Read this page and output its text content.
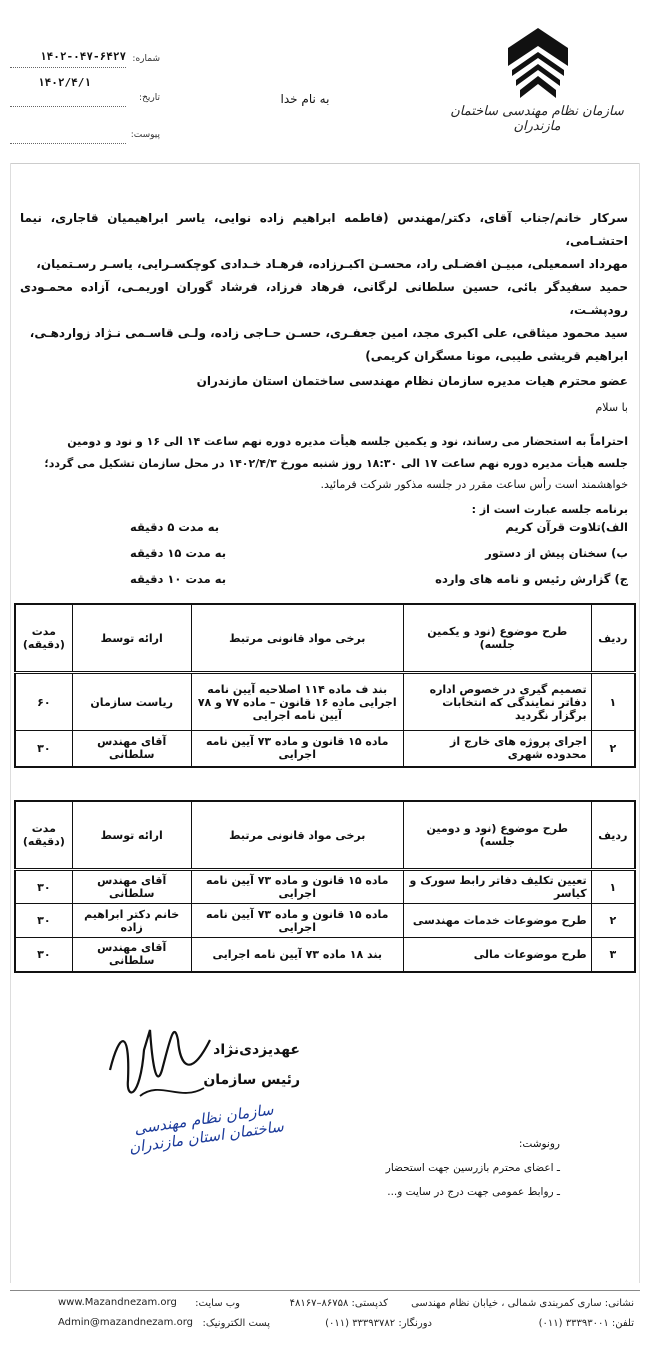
سازمان نظام مهندسی ساختمان مازندران
به نام خدا
شماره:
۱۴۰۲-۰۴۷-۶۴۲۷
تاریخ:
۱۴۰۲/۴/۱
پیوست:
سرکار خانم/جناب آقای، دکتر/مهندس (فاطمه ابراهیم زاده نوایی، یاسر ابراهیمیان قاجاری، نیما احتشـامی،
مهرداد اسمعیلی، مبیـن افضـلی راد، محسـن اکبـرزاده، فرهـاد خـدادی کوچکسـرایی، یاسـر رسـتمیان،
حمید سفیدگر بائی، حسین سلطانی لرگانی، فرهاد فرزاد، فرشاد گوران اوریمـی، آزاده محمـودی رودپشـت،
سید محمود میثاقی، علی اکبری مجد، امین جعفـری، حسـن حـاجی زاده، ولـی قاسـمی نـژاد زواردهـی،
ابراهیم قریشی طیبی، مونا مسگران کریمی)
عضو محترم هیات مدیره سازمان نظام مهندسی ساختمان استان مازندران
با سلام
احتراماً به استحضار می رساند، نود و یکمین جلسه هیأت مدیره دوره نهم ساعت ۱۴ الی ۱۶ و نود و دومین
جلسه هیأت مدیره دوره نهم ساعت ۱۷ الی ۱۸:۳۰ روز شنبه مورخ ۱۴۰۲/۴/۳ در محل سازمان تشکیل می گردد؛
خواهشمند است رأس ساعت مقرر در جلسه مذکور شرکت فرمائید.
برنامه جلسه عبارت است از :
الف)تلاوت قرآن کریم
به مدت ۵ دقیقه
ب) سخنان پیش از دستور
به مدت ۱۵ دقیقه
ج) گزارش رئیس و نامه های وارده
به مدت ۱۰ دقیقه
ردیف	طرح موضوع (نود و یکمین جلسه)	برخی مواد قانونی مرتبط	ارائه توسط	مدت (دقیقه)
۱	تصمیم گیری در خصوص اداره دفاتر نمایندگی که انتخابات برگزار نگردید	بند ف ماده ۱۱۴ اصلاحیه آیین نامه اجرایی ماده ۱۶ قانون – ماده ۷۷ و ۷۸ آیین نامه اجرایی	ریاست سازمان	۶۰
۲	اجرای پروژه های خارج از محدوده شهری	ماده ۱۵ قانون و ماده ۷۳ آیین نامه اجرایی	آقای مهندس سلطانی	۳۰
ردیف	طرح موضوع (نود و دومین جلسه)	برخی مواد قانونی مرتبط	ارائه توسط	مدت (دقیقه)
۱	تعیین تکلیف دفاتر رابط سورک و کیاسر	ماده ۱۵ قانون و ماده ۷۳ آیین نامه اجرایی	آقای مهندس سلطانی	۳۰
۲	طرح موضوعات خدمات مهندسی	ماده ۱۵ قانون و ماده ۷۳ آیین نامه اجرایی	خانم دکتر ابراهیم زاده	۳۰
۳	طرح موضوعات مالی	بند ۱۸ ماده ۷۳ آیین نامه اجرایی	آقای مهندس سلطانی	۳۰
عهدیزدی‌نژاد
رئیس سازمان
سازمان نظام مهندسی ساختمان استان مازندران	رونوشت:
ـ اعضای محترم بازرسین جهت استحضار
ـ روابط عمومی جهت درج در سایت و...
نشانی: ساری کمربندی شمالی ، خیابان نظام مهندسی
کدپستی: ۸۶۷۵۸–۴۸۱۶۷
وب سایت:
www.Mazandnezam.org
تلفن: ۳۳۳۹۳۰۰۱ (۰۱۱)
دورنگار: ۳۳۳۹۳۷۸۲ (۰۱۱)
پست الکترونیک:
Admin@mazandnezam.org
